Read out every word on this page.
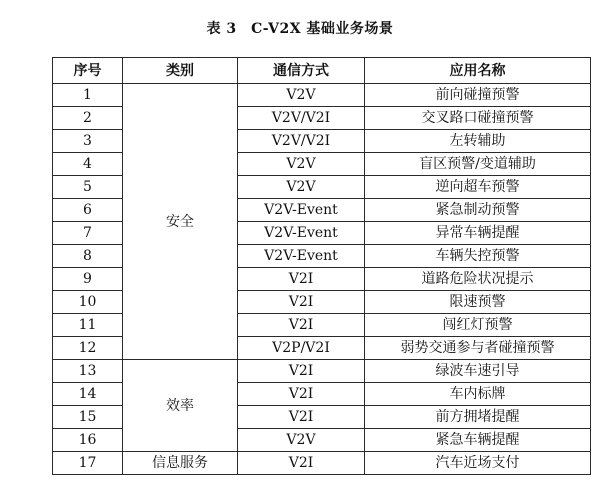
表 3　C-V2X 基础业务场景
序号	类别	通信方式	应用名称
1	安全	V2V	前向碰撞预警
2		V2V/V2I	交叉路口碰撞预警
3		V2V/V2I	左转辅助
4		V2V	盲区预警/变道辅助
5		V2V	逆向超车预警
6		V2V-Event	紧急制动预警
7		V2V-Event	异常车辆提醒
8		V2V-Event	车辆失控预警
9		V2I	道路危险状况提示
10		V2I	限速预警
11		V2I	闯红灯预警
12		V2P/V2I	弱势交通参与者碰撞预警
13	效率	V2I	绿波车速引导
14		V2I	车内标牌
15		V2I	前方拥堵提醒
16		V2V	紧急车辆提醒
17	信息服务	V2I	汽车近场支付
